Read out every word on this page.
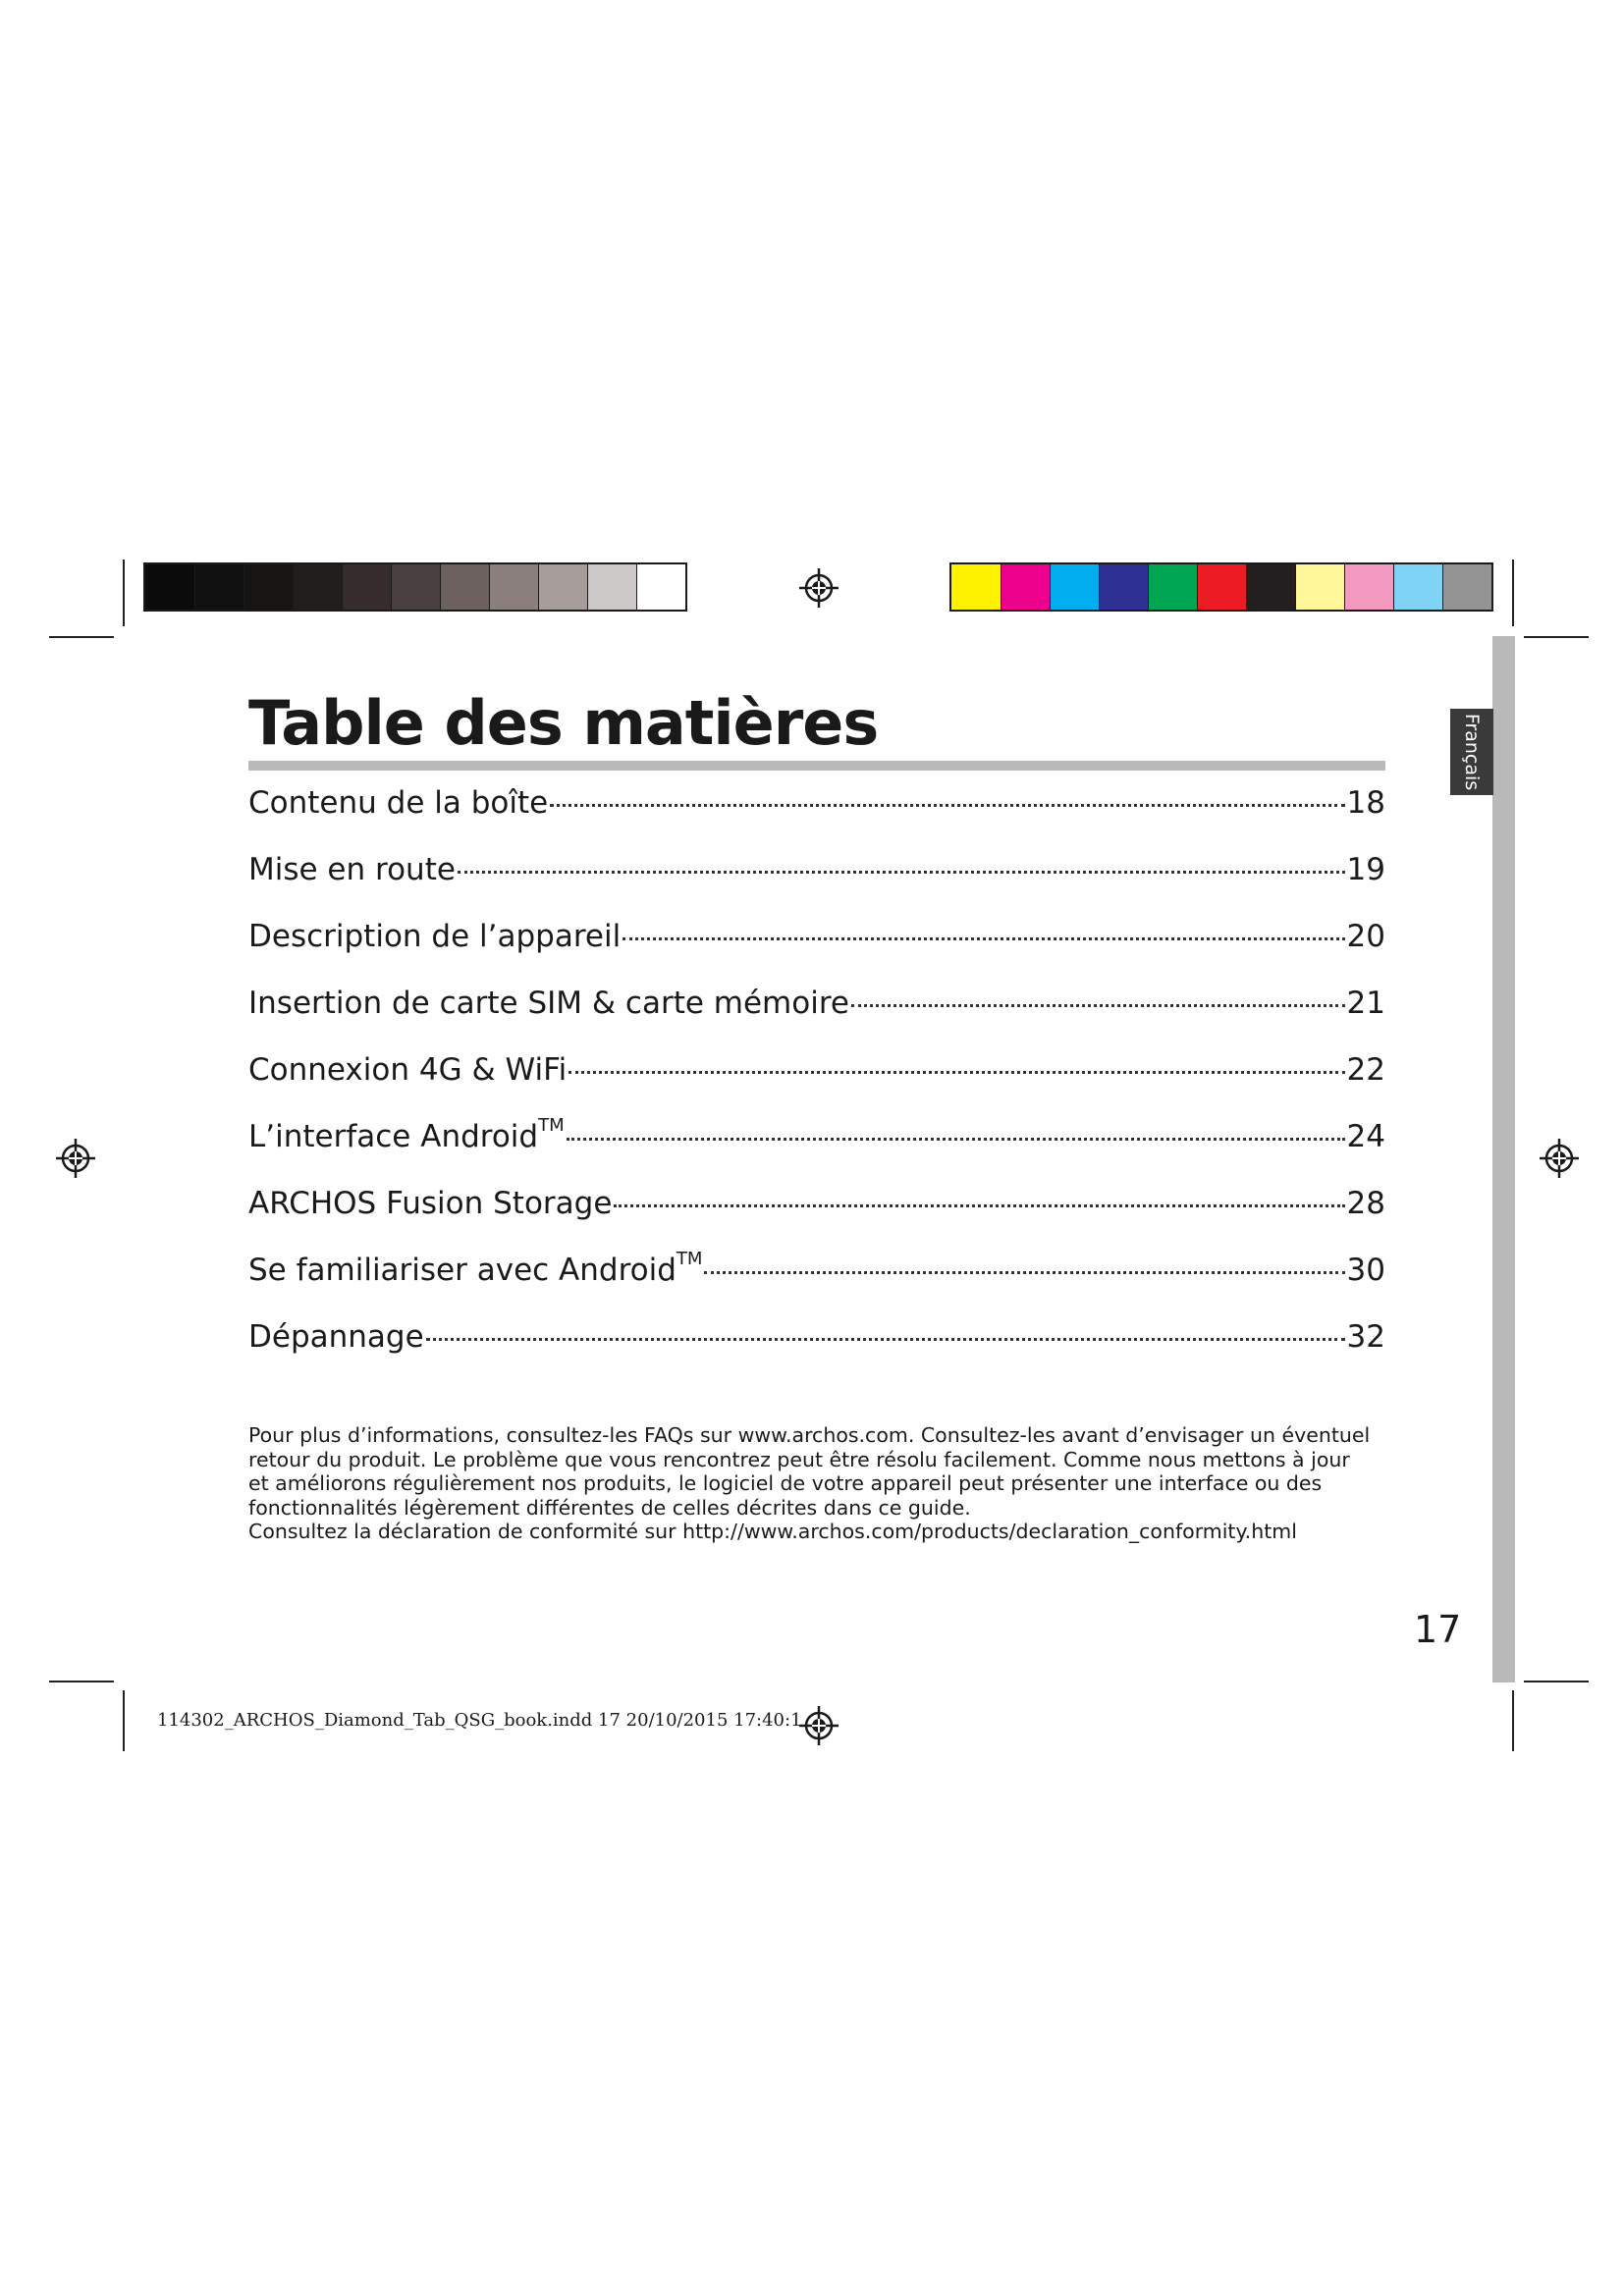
Français
Table des matières
Contenu de la boîte	18
Mise en route	19
Description de l’appareil	20
Insertion de carte SIM & carte mémoire	21
Connexion 4G & WiFi	22
L’interface Android™	24
ARCHOS Fusion Storage	28
Se familiariser avec Android™	30
Dépannage	32

Pour plus d’informations, consultez-les FAQs sur www.archos.com. Consultez-les avant d’envisager un éventuel

retour du produit. Le problème que vous rencontrez peut être résolu facilement. Comme nous mettons à jour

et améliorons régulièrement nos produits, le logiciel de votre appareil peut présenter une interface ou des

fonctionnalités légèrement différentes de celles décrites dans ce guide.

Consultez la déclaration de conformité sur http://www.archos.com/products/declaration_conformity.html

17
114302_ARCHOS_Diamond_Tab_QSG_book.indd 17 20/10/2015 17:40:1
